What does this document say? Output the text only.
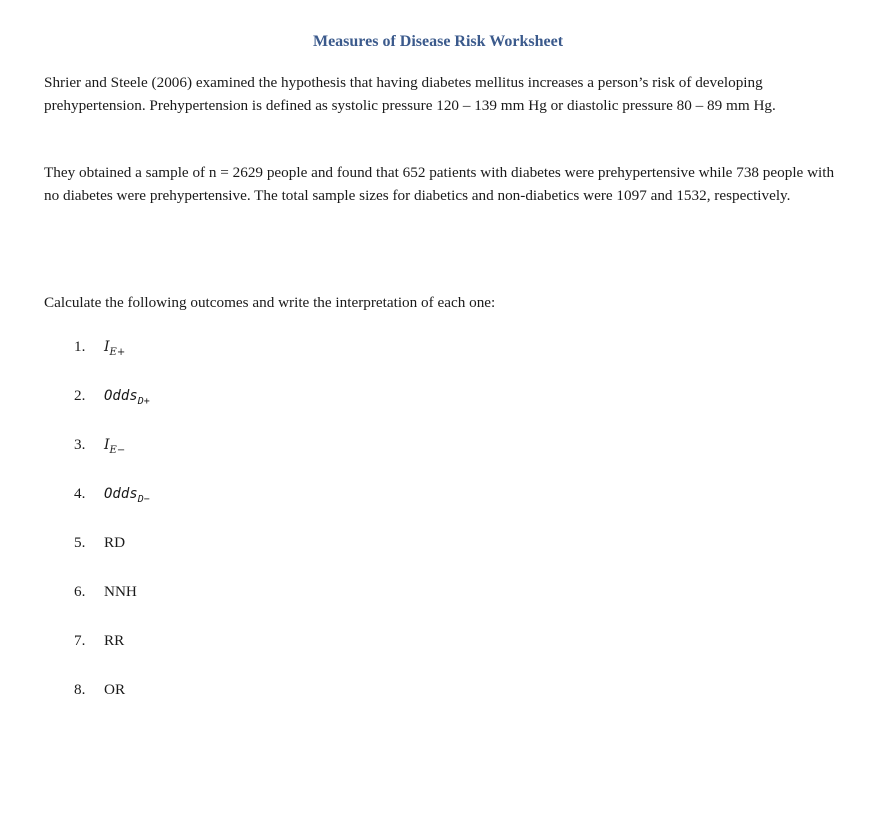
Measures of Disease Risk Worksheet

Shrier and Steele (2006) examined the hypothesis that having diabetes mellitus increases a person’s risk of developing prehypertension. Prehypertension is defined as systolic pressure 120 – 139 mm Hg or diastolic pressure 80 – 89 mm Hg.

They obtained a sample of n = 2629 people and found that 652 patients with diabetes were prehypertensive while 738 people with no diabetes were prehypertensive. The total sample sizes for diabetics and non-diabetics were 1097 and 1532, respectively.

Calculate the following outcomes and write the interpretation of each one:
1.	$I_{E+}$
2.	Odds$_{D+}$
3.	$I_{E-}$
4.	Odds$_{D-}$
5.	RD
6.	NNH
7.	RR
8.	OR
